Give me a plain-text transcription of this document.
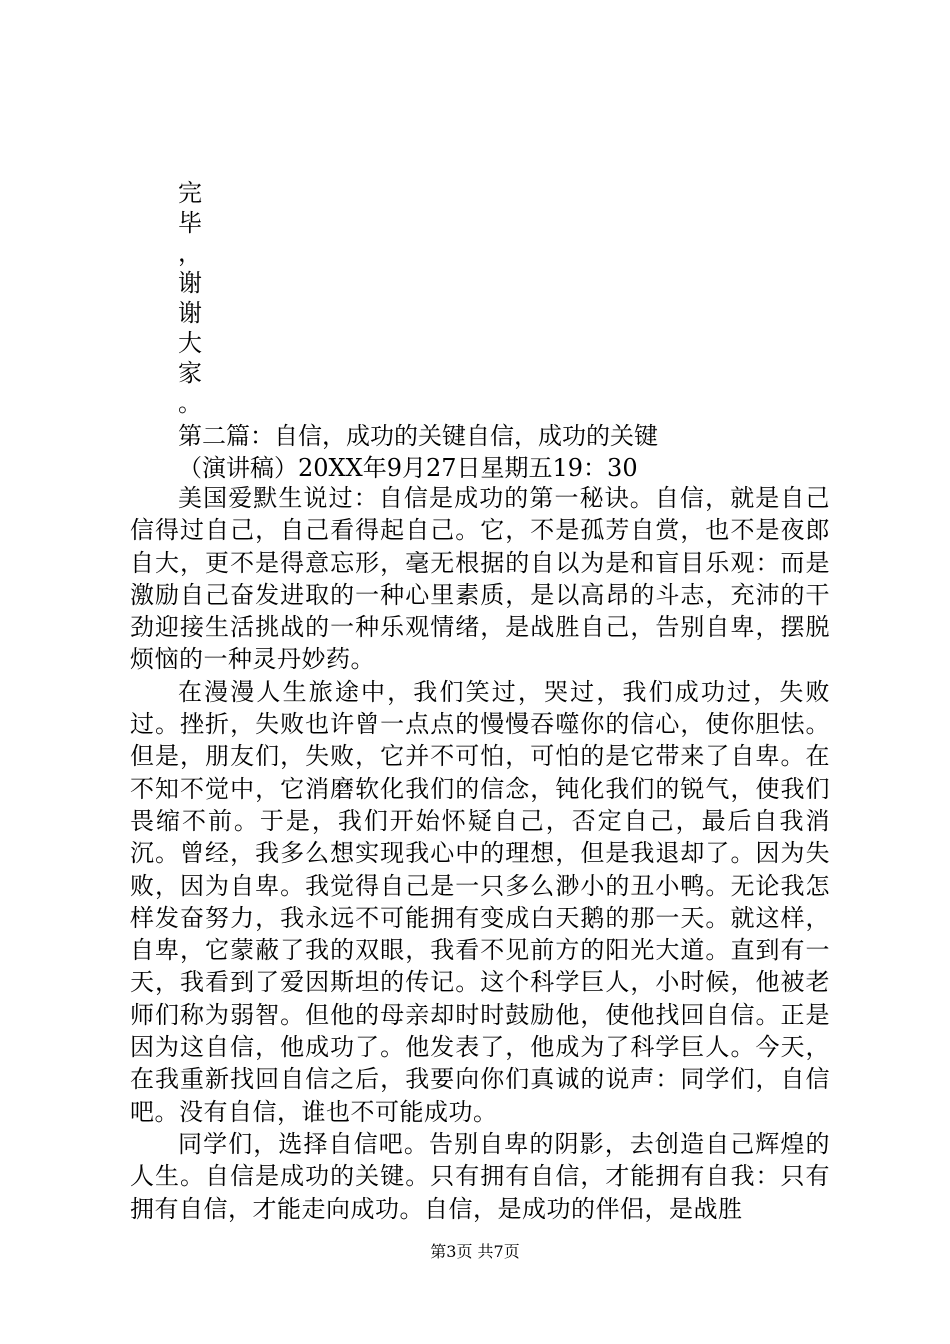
完
毕
，
谢
谢
大
家
。
第二篇：自信，成功的关键自信，成功的关键
（演讲稿）20XX年9月27日星期五19：30

美国爱默生说过：自信是成功的第一秘诀。自信，就是自己信得过自己，自己看得起自己。它，不是孤芳自赏，也不是夜郎自大，更不是得意忘形，毫无根据的自以为是和盲目乐观：而是激励自己奋发进取的一种心里素质，是以高昂的斗志，充沛的干劲迎接生活挑战的一种乐观情绪，是战胜自己，告别自卑，摆脱烦恼的一种灵丹妙药。

在漫漫人生旅途中，我们笑过，哭过，我们成功过，失败过。挫折，失败也许曾一点点的慢慢吞噬你的信心，使你胆怯。但是，朋友们，失败，它并不可怕，可怕的是它带来了自卑。在不知不觉中，它消磨软化我们的信念，钝化我们的锐气，使我们畏缩不前。于是，我们开始怀疑自己，否定自己，最后自我消沉。曾经，我多么想实现我心中的理想，但是我退却了。因为失败，因为自卑。我觉得自己是一只多么渺小的丑小鸭。无论我怎样发奋努力，我永远不可能拥有变成白天鹅的那一天。就这样，自卑，它蒙蔽了我的双眼，我看不见前方的阳光大道。直到有一天，我看到了爱因斯坦的传记。这个科学巨人，小时候，他被老师们称为弱智。但他的母亲却时时鼓励他，使他找回自信。正是因为这自信，他成功了。他发表了，他成为了科学巨人。今天，在我重新找回自信之后，我要向你们真诚的说声：同学们，自信吧。没有自信，谁也不可能成功。

同学们，选择自信吧。告别自卑的阴影，去创造自己辉煌的人生。自信是成功的关键。只有拥有自信，才能拥有自我：只有拥有自信，才能走向成功。自信，是成功的伴侣，是战胜

第3页 共7页
